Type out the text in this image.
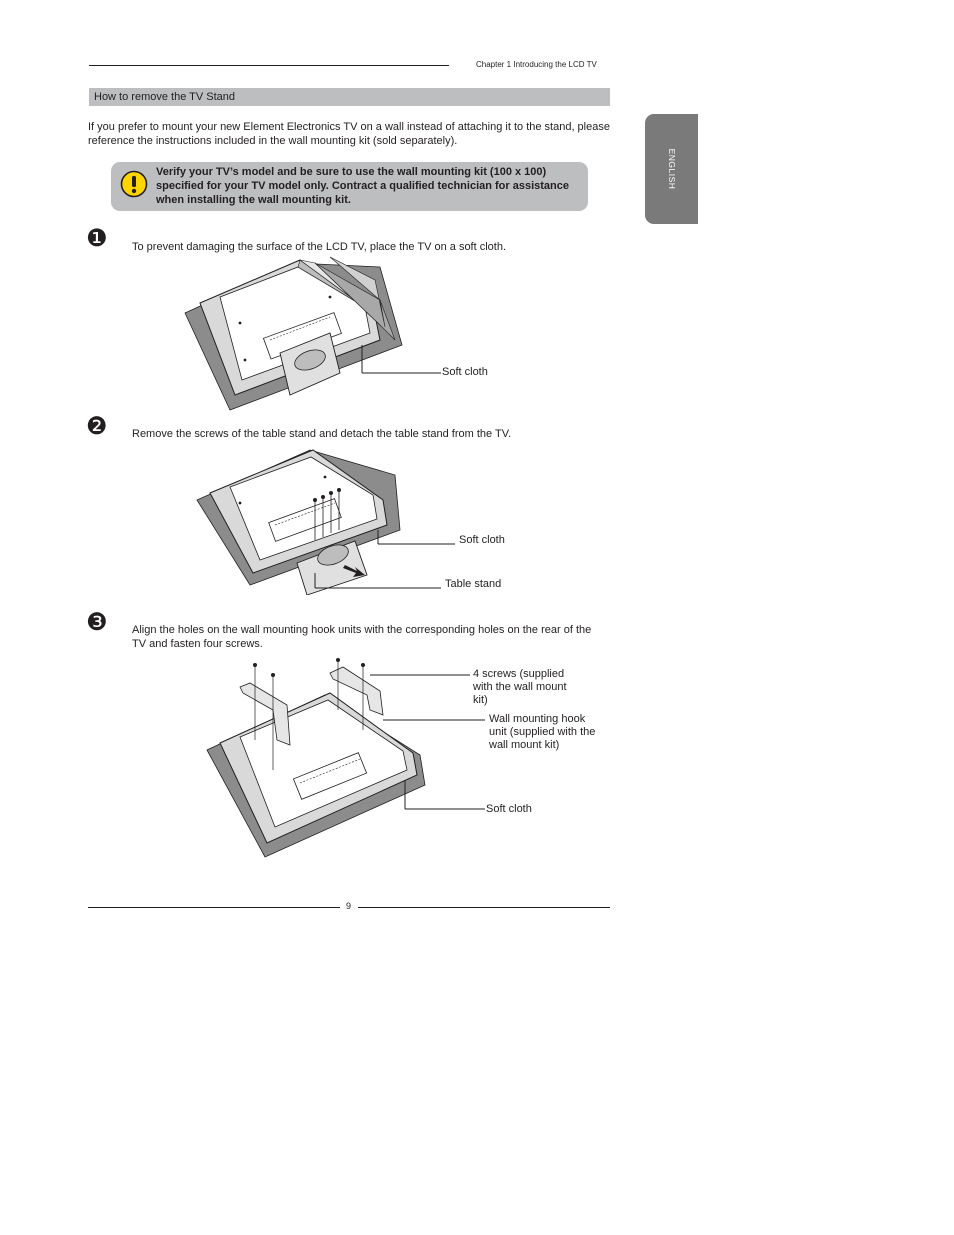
Chapter 1 Introducing the LCD TV
ENGLISH
How to remove the TV Stand
If you prefer to mount your new Element Electronics TV on a wall instead of attaching it to the stand, please reference the instructions included in the wall mounting kit (sold separately).
Verify your TV’s model and be sure to use the wall mounting kit (100 x 100) specified for your TV model only. Contract a qualified technician for assistance when installing the wall mounting kit.
❶ To prevent damaging the surface of the LCD TV, place the TV on a soft cloth.
Soft cloth
❷ Remove the screws of the table stand and detach the table stand from the TV.
Soft cloth
Table stand
❸ Align the holes on the wall mounting hook units with the corresponding holes on the rear of the TV and fasten four screws.
4 screws (supplied with the wall mount kit)
Wall mounting hook unit (supplied with the wall mount kit)
Soft cloth
9
